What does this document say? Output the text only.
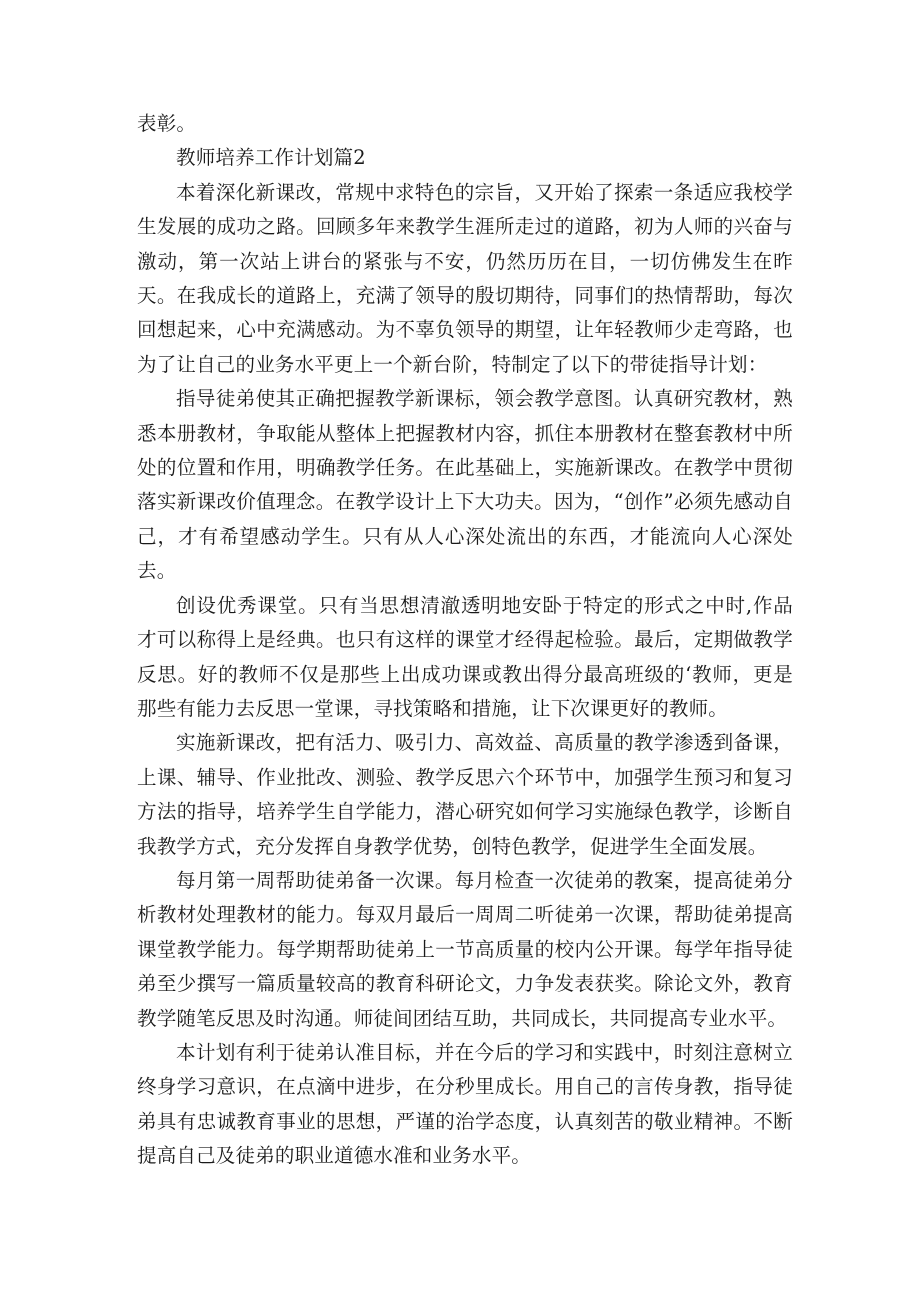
表彰。

教师培养工作计划篇2

本着深化新课改，常规中求特色的宗旨，又开始了探索一条适应我校学生发展的成功之路。回顾多年来教学生涯所走过的道路，初为人师的兴奋与激动，第一次站上讲台的紧张与不安，仍然历历在目，一切仿佛发生在昨天。在我成长的道路上，充满了领导的殷切期待，同事们的热情帮助，每次回想起来，心中充满感动。为不辜负领导的期望，让年轻教师少走弯路，也为了让自己的业务水平更上一个新台阶，特制定了以下的带徒指导计划：

指导徒弟使其正确把握教学新课标，领会教学意图。认真研究教材，熟悉本册教材，争取能从整体上把握教材内容，抓住本册教材在整套教材中所处的位置和作用，明确教学任务。在此基础上，实施新课改。在教学中贯彻落实新课改价值理念。在教学设计上下大功夫。因为，“创作”必须先感动自己，才有希望感动学生。只有从人心深处流出的东西，才能流向人心深处去。

创设优秀课堂。只有当思想清澈透明地安卧于特定的形式之中时,作品才可以称得上是经典。也只有这样的课堂才经得起检验。最后，定期做教学反思。好的教师不仅是那些上出成功课或教出得分最高班级的‘教师，更是那些有能力去反思一堂课，寻找策略和措施，让下次课更好的教师。

实施新课改，把有活力、吸引力、高效益、高质量的教学渗透到备课，上课、辅导、作业批改、测验、教学反思六个环节中，加强学生预习和复习方法的指导，培养学生自学能力，潜心研究如何学习实施绿色教学，诊断自我教学方式，充分发挥自身教学优势，创特色教学，促进学生全面发展。

每月第一周帮助徒弟备一次课。每月检查一次徒弟的教案，提高徒弟分析教材处理教材的能力。每双月最后一周周二听徒弟一次课，帮助徒弟提高课堂教学能力。每学期帮助徒弟上一节高质量的校内公开课。每学年指导徒弟至少撰写一篇质量较高的教育科研论文，力争发表获奖。除论文外，教育教学随笔反思及时沟通。师徒间团结互助，共同成长，共同提高专业水平。

本计划有利于徒弟认准目标，并在今后的学习和实践中，时刻注意树立终身学习意识，在点滴中进步，在分秒里成长。用自己的言传身教，指导徒弟具有忠诚教育事业的思想，严谨的治学态度，认真刻苦的敬业精神。不断提高自己及徒弟的职业道德水准和业务水平。
